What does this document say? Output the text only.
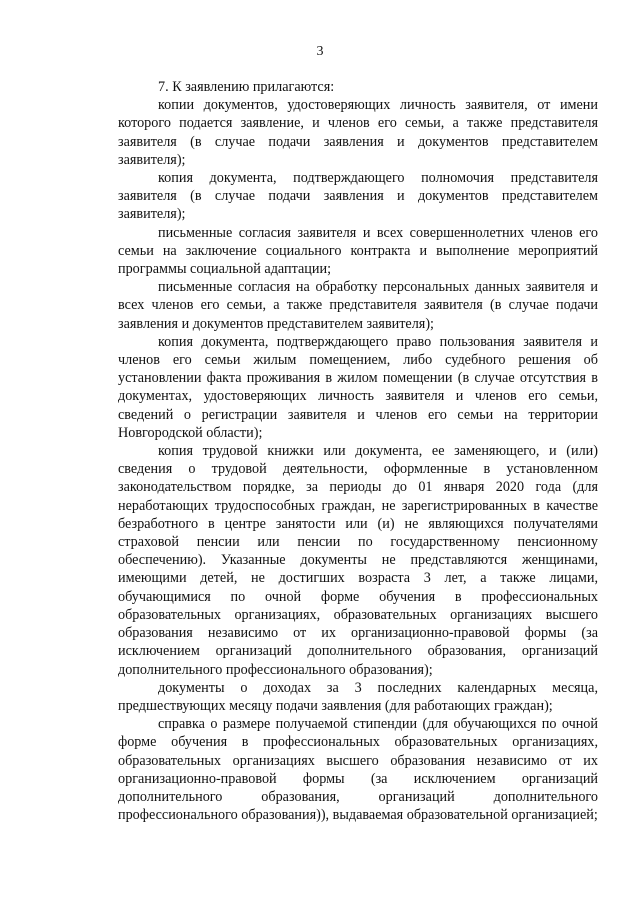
3

7. К заявлению прилагаются:

копии документов, удостоверяющих личность заявителя, от имени которого подается заявление, и членов его семьи, а также представителя заявителя (в случае подачи заявления и документов представителем заявителя);

копия документа, подтверждающего полномочия представителя заявителя (в случае подачи заявления и документов представителем заявителя);

письменные согласия заявителя и всех совершеннолетних членов его семьи на заключение социального контракта и выполнение мероприятий программы социальной адаптации;

письменные согласия на обработку персональных данных заявителя и всех членов его семьи, а также представителя заявителя (в случае подачи заявления и документов представителем заявителя);

копия документа, подтверждающего право пользования заявителя и членов его семьи жилым помещением, либо судебного решения об установлении факта проживания в жилом помещении (в случае отсутствия в документах, удостоверяющих личность заявителя и членов его семьи, сведений о регистрации заявителя и членов его семьи на территории Новгородской области);

копия трудовой книжки или документа, ее заменяющего, и (или) сведения о трудовой деятельности, оформленные в установленном законодательством порядке, за периоды до 01 января 2020 года (для неработающих трудоспособных граждан, не зарегистрированных в качестве безработного в центре занятости или (и) не являющихся получателями страховой пенсии или пенсии по государственному пенсионному обеспечению). Указанные документы не представляются женщинами, имеющими детей, не достигших возраста 3 лет, а также лицами, обучающимися по очной форме обучения в профессиональных образовательных организациях, образовательных организациях высшего образования независимо от их организационно-правовой формы (за исключением организаций дополнительного образования, организаций дополнительного профессионального образования);

документы о доходах за 3 последних календарных месяца, предшествующих месяцу подачи заявления (для работающих граждан);

справка о размере получаемой стипендии (для обучающихся по очной форме обучения в профессиональных образовательных организациях, образовательных организациях высшего образования независимо от их организационно-правовой формы (за исключением организаций дополнительного образования, организаций дополнительного профессионального образования)), выдаваемая образовательной организацией;
